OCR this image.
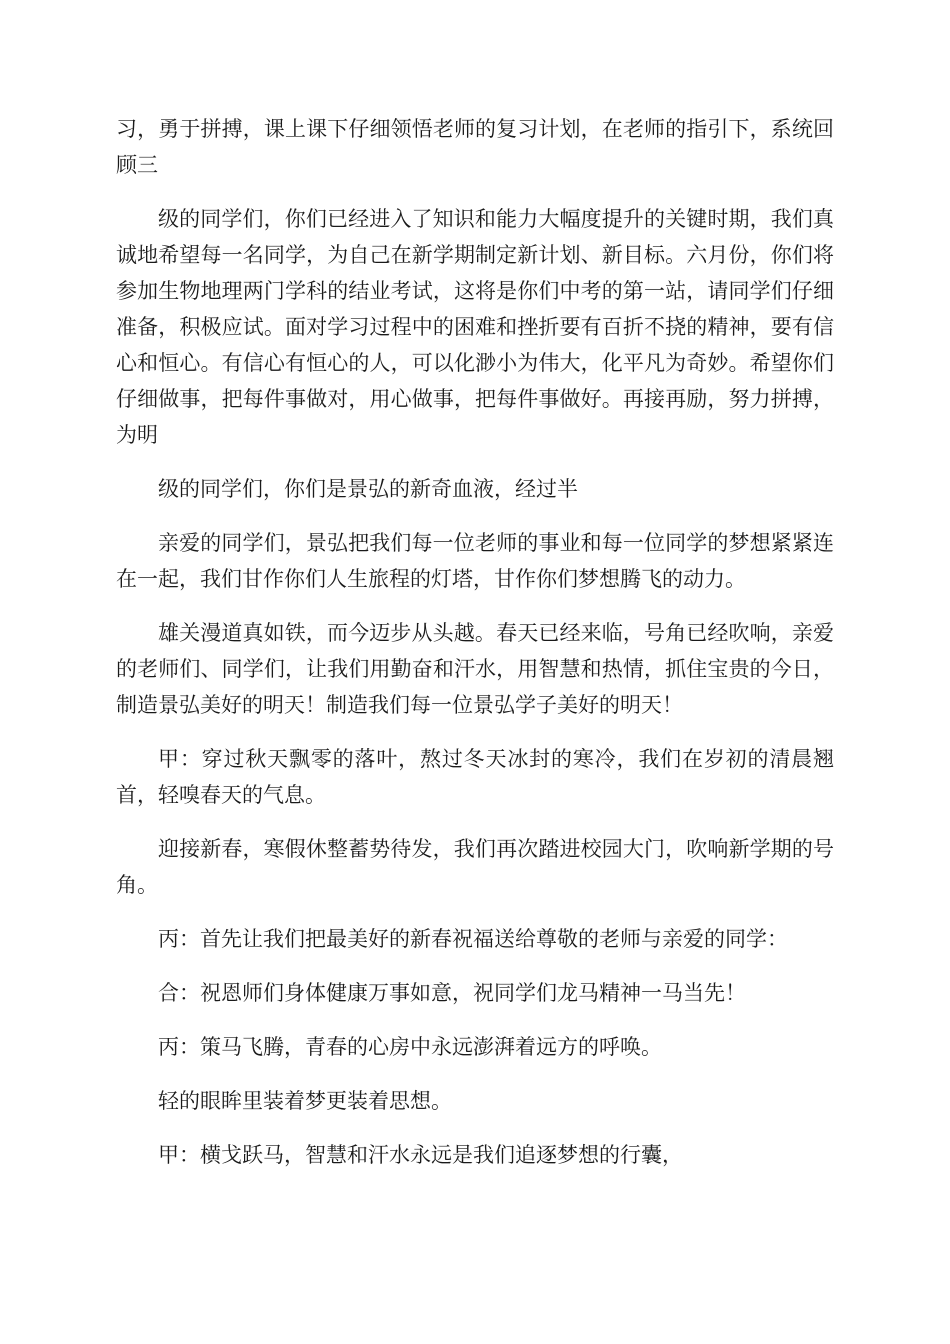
习，勇于拼搏，课上课下仔细领悟老师的复习计划，在老师的指引下，系统回顾三

级的同学们，你们已经进入了知识和能力大幅度提升的关键时期，我们真诚地希望每一名同学，为自己在新学期制定新计划、新目标。六月份，你们将参加生物地理两门学科的结业考试，这将是你们中考的第一站，请同学们仔细准备，积极应试。面对学习过程中的困难和挫折要有百折不挠的精神，要有信心和恒心。有信心有恒心的人，可以化渺小为伟大，化平凡为奇妙。希望你们仔细做事，把每件事做对，用心做事，把每件事做好。再接再励，努力拼搏，为明

级的同学们，你们是景弘的新奇血液，经过半

亲爱的同学们，景弘把我们每一位老师的事业和每一位同学的梦想紧紧连在一起，我们甘作你们人生旅程的灯塔，甘作你们梦想腾飞的动力。

雄关漫道真如铁，而今迈步从头越。春天已经来临，号角已经吹响，亲爱的老师们、同学们，让我们用勤奋和汗水，用智慧和热情，抓住宝贵的今日，制造景弘美好的明天！制造我们每一位景弘学子美好的明天！

甲：穿过秋天飘零的落叶，熬过冬天冰封的寒冷，我们在岁初的清晨翘首，轻嗅春天的气息。

迎接新春，寒假休整蓄势待发，我们再次踏进校园大门，吹响新学期的号角。

丙：首先让我们把最美好的新春祝福送给尊敬的老师与亲爱的同学：

合：祝恩师们身体健康万事如意，祝同学们龙马精神一马当先！

丙：策马飞腾，青春的心房中永远澎湃着远方的呼唤。

轻的眼眸里装着梦更装着思想。

甲：横戈跃马，智慧和汗水永远是我们追逐梦想的行囊，
